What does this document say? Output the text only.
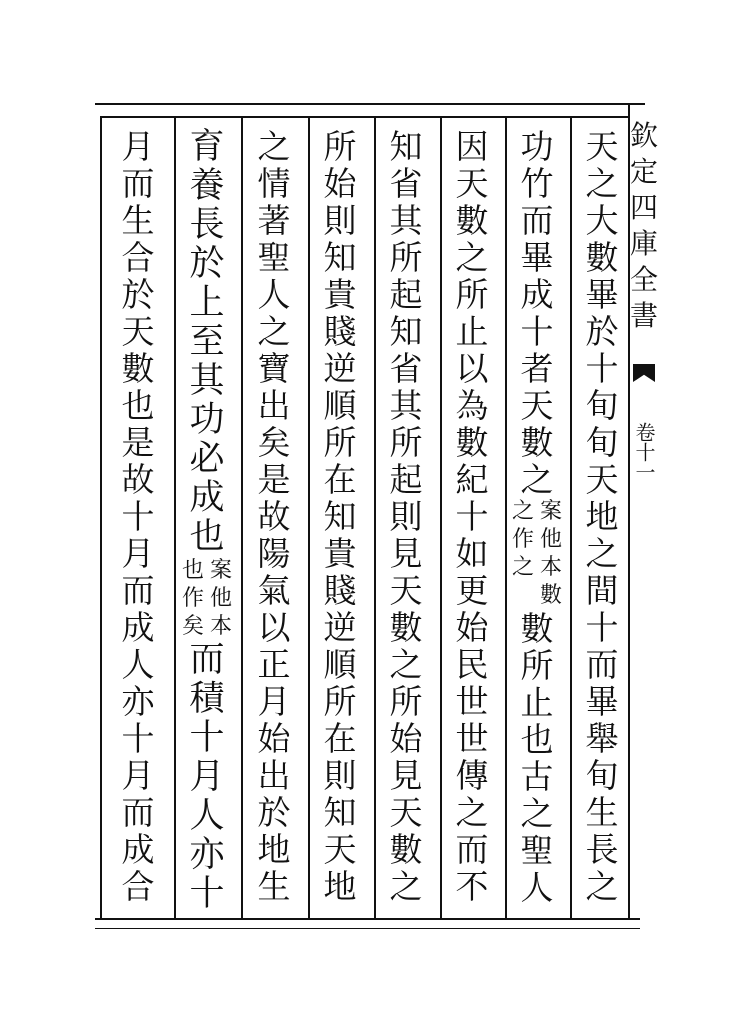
欽
定
四
庫
全
書
卷十一
天
之
大
數
畢
於
十
旬
旬
天
地
之
間
十
而
畢
舉
旬
生
長
之
功
竹
而
畢
成
十
者
天
數
之
案
他
本
數
之
作
之
數
所
止
也
古
之
聖
人
因
天
數
之
所
止
以
為
數
紀
十
如
更
始
民
世
世
傳
之
而
不
知
省
其
所
起
知
省
其
所
起
則
見
天
數
之
所
始
見
天
數
之
所
始
則
知
貴
賤
逆
順
所
在
知
貴
賤
逆
順
所
在
則
知
天
地
之
情
著
聖
人
之
寶
出
矣
是
故
陽
氣
以
正
月
始
出
於
地
生
育
養
長
於
上
至
其
功
必
成
也
案
他
本
也
作
矣
而
積
十
月
人
亦
十
月
而
生
合
於
天
數
也
是
故
十
月
而
成
人
亦
十
月
而
成
合
